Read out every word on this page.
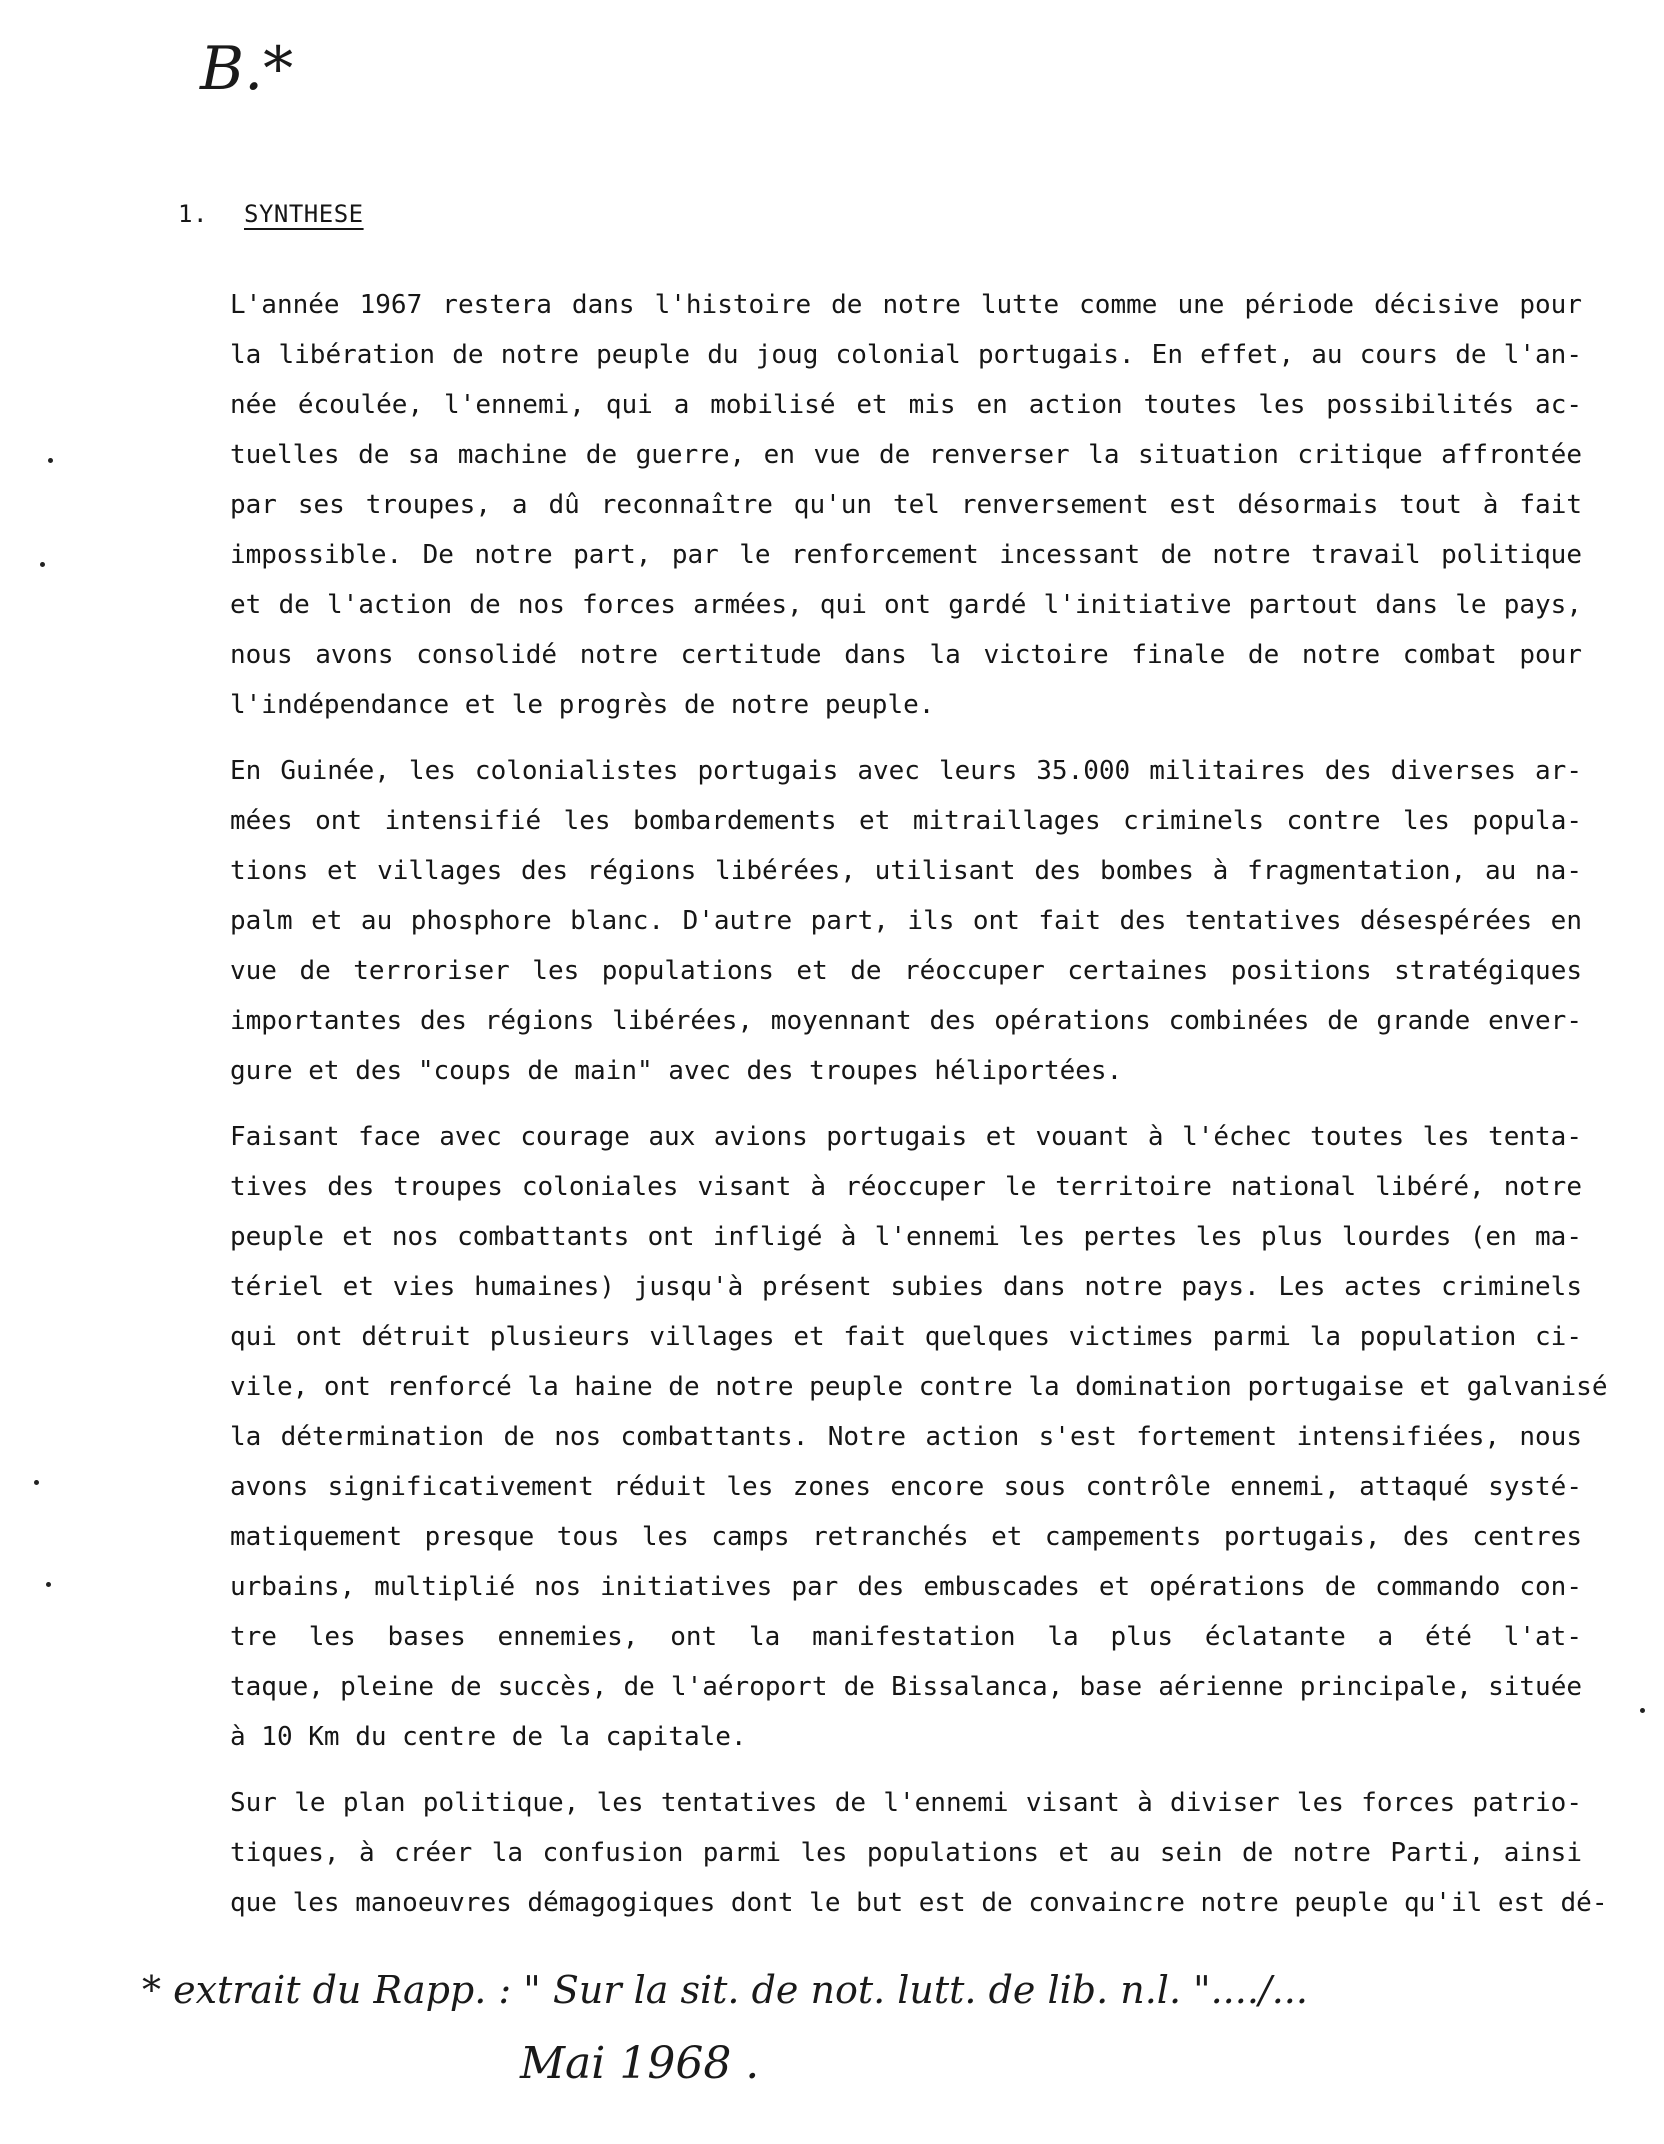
B.*
1. SYNTHESE
L'année 1967 restera dans l'histoire de notre lutte comme une période décisive pour
la libération de notre peuple du joug colonial portugais. En effet, au cours de l'an-
née écoulée, l'ennemi, qui a mobilisé et mis en action toutes les possibilités ac-
tuelles de sa machine de guerre, en vue de renverser la situation critique affrontée
par ses troupes, a dû reconnaître qu'un tel renversement est désormais tout à fait
impossible. De notre part, par le renforcement incessant de notre travail politique
et de l'action de nos forces armées, qui ont gardé l'initiative partout dans le pays,
nous avons consolidé notre certitude dans la victoire finale de notre combat pour
l'indépendance et le progrès de notre peuple.
En Guinée, les colonialistes portugais avec leurs 35.000 militaires des diverses ar-
mées ont intensifié les bombardements et mitraillages criminels contre les popula-
tions et villages des régions libérées, utilisant des bombes à fragmentation, au na-
palm et au phosphore blanc. D'autre part, ils ont fait des tentatives désespérées en
vue de terroriser les populations et de réoccuper certaines positions stratégiques
importantes des régions libérées, moyennant des opérations combinées de grande enver-
gure et des "coups de main" avec des troupes héliportées.
Faisant face avec courage aux avions portugais et vouant à l'échec toutes les tenta-
tives des troupes coloniales visant à réoccuper le territoire national libéré, notre
peuple et nos combattants ont infligé à l'ennemi les pertes les plus lourdes (en ma-
tériel et vies humaines) jusqu'à présent subies dans notre pays. Les actes criminels
qui ont détruit plusieurs villages et fait quelques victimes parmi la population ci-
vile, ont renforcé la haine de notre peuple contre la domination portugaise et galvanisé
la détermination de nos combattants. Notre action s'est fortement intensifiées, nous
avons significativement réduit les zones encore sous contrôle ennemi, attaqué systé-
matiquement presque tous les camps retranchés et campements portugais, des centres
urbains, multiplié nos initiatives par des embuscades et opérations de commando con-
tre les bases ennemies, ont la manifestation la plus éclatante a été l'at-
taque, pleine de succès, de l'aéroport de Bissalanca, base aérienne principale, située
à 10 Km du centre de la capitale.
Sur le plan politique, les tentatives de l'ennemi visant à diviser les forces patrio-
tiques, à créer la confusion parmi les populations et au sein de notre Parti, ainsi
que les manoeuvres démagogiques dont le but est de convaincre notre peuple qu'il est dé-
* extrait du Rapp. : " Sur la sit. de not. lutt. de lib. n.l. "..../...
Mai 1968 .
